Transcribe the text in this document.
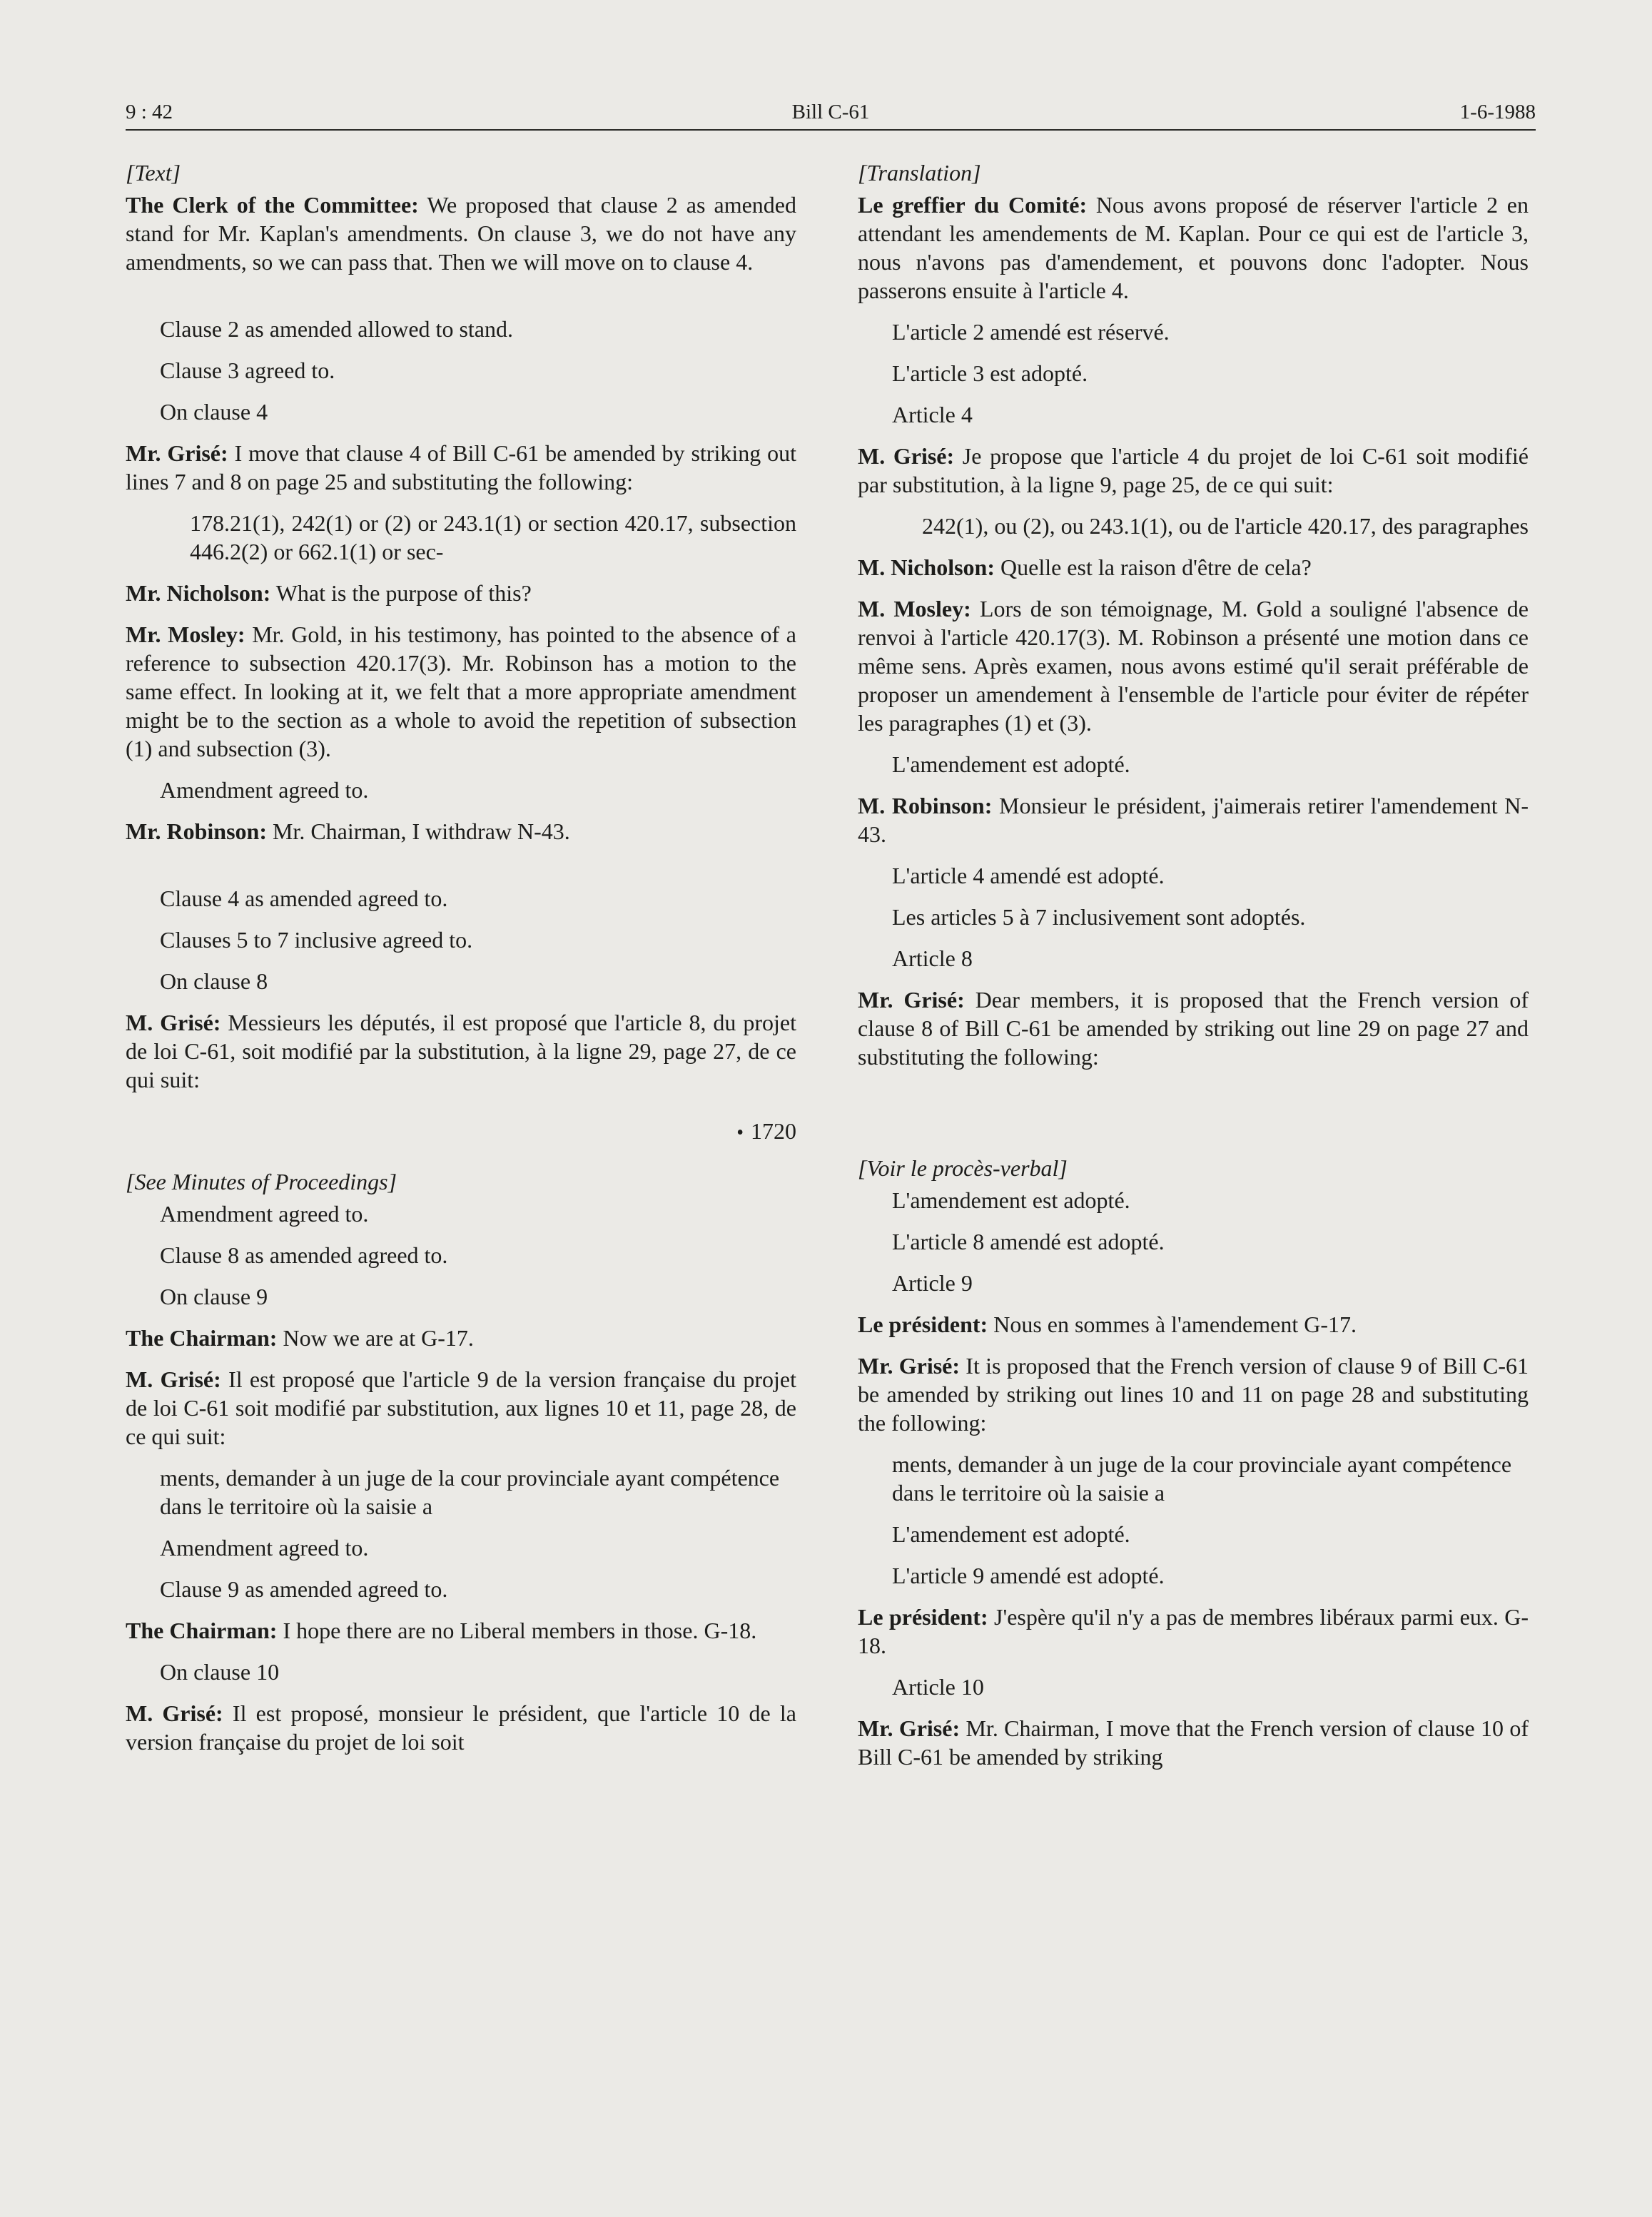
9 : 42	Bill C-61	1-6-1988
[Text]
The Clerk of the Committee: We proposed that clause 2 as amended stand for Mr. Kaplan's amendments. On clause 3, we do not have any amendments, so we can pass that. Then we will move on to clause 4.
Clause 2 as amended allowed to stand.
Clause 3 agreed to.
On clause 4
Mr. Grisé: I move that clause 4 of Bill C-61 be amended by striking out lines 7 and 8 on page 25 and substituting the following:
178.21(1), 242(1) or (2) or 243.1(1) or section 420.17, subsection 446.2(2) or 662.1(1) or sec-
Mr. Nicholson: What is the purpose of this?
Mr. Mosley: Mr. Gold, in his testimony, has pointed to the absence of a reference to subsection 420.17(3). Mr. Robinson has a motion to the same effect. In looking at it, we felt that a more appropriate amendment might be to the section as a whole to avoid the repetition of subsection (1) and subsection (3).
Amendment agreed to.
Mr. Robinson: Mr. Chairman, I withdraw N-43.
Clause 4 as amended agreed to.
Clauses 5 to 7 inclusive agreed to.
On clause 8
M. Grisé: Messieurs les députés, il est proposé que l'article 8, du projet de loi C-61, soit modifié par la substitution, à la ligne 29, page 27, de ce qui suit:
• 1720
[See Minutes of Proceedings]
Amendment agreed to.
Clause 8 as amended agreed to.
On clause 9
The Chairman: Now we are at G-17.
M. Grisé: Il est proposé que l'article 9 de la version française du projet de loi C-61 soit modifié par substitution, aux lignes 10 et 11, page 28, de ce qui suit:
ments, demander à un juge de la cour provinciale ayant compétence dans le territoire où la saisie a
Amendment agreed to.
Clause 9 as amended agreed to.
The Chairman: I hope there are no Liberal members in those. G-18.
On clause 10
M. Grisé: Il est proposé, monsieur le président, que l'article 10 de la version française du projet de loi soit
[Translation]
Le greffier du Comité: Nous avons proposé de réserver l'article 2 en attendant les amendements de M. Kaplan. Pour ce qui est de l'article 3, nous n'avons pas d'amendement, et pouvons donc l'adopter. Nous passerons ensuite à l'article 4.
L'article 2 amendé est réservé.
L'article 3 est adopté.
Article 4
M. Grisé: Je propose que l'article 4 du projet de loi C-61 soit modifié par substitution, à la ligne 9, page 25, de ce qui suit:
242(1), ou (2), ou 243.1(1), ou de l'article 420.17, des paragraphes
M. Nicholson: Quelle est la raison d'être de cela?
M. Mosley: Lors de son témoignage, M. Gold a souligné l'absence de renvoi à l'article 420.17(3). M. Robinson a présenté une motion dans ce même sens. Après examen, nous avons estimé qu'il serait préférable de proposer un amendement à l'ensemble de l'article pour éviter de répéter les paragraphes (1) et (3).
L'amendement est adopté.
M. Robinson: Monsieur le président, j'aimerais retirer l'amendement N-43.
L'article 4 amendé est adopté.
Les articles 5 à 7 inclusivement sont adoptés.
Article 8
Mr. Grisé: Dear members, it is proposed that the French version of clause 8 of Bill C-61 be amended by striking out line 29 on page 27 and substituting the following:
[Voir le procès-verbal]
L'amendement est adopté.
L'article 8 amendé est adopté.
Article 9
Le président: Nous en sommes à l'amendement G-17.
Mr. Grisé: It is proposed that the French version of clause 9 of Bill C-61 be amended by striking out lines 10 and 11 on page 28 and substituting the following:
ments, demander à un juge de la cour provinciale ayant compétence dans le territoire où la saisie a
L'amendement est adopté.
L'article 9 amendé est adopté.
Le président: J'espère qu'il n'y a pas de membres libéraux parmi eux. G-18.
Article 10
Mr. Grisé: Mr. Chairman, I move that the French version of clause 10 of Bill C-61 be amended by striking
